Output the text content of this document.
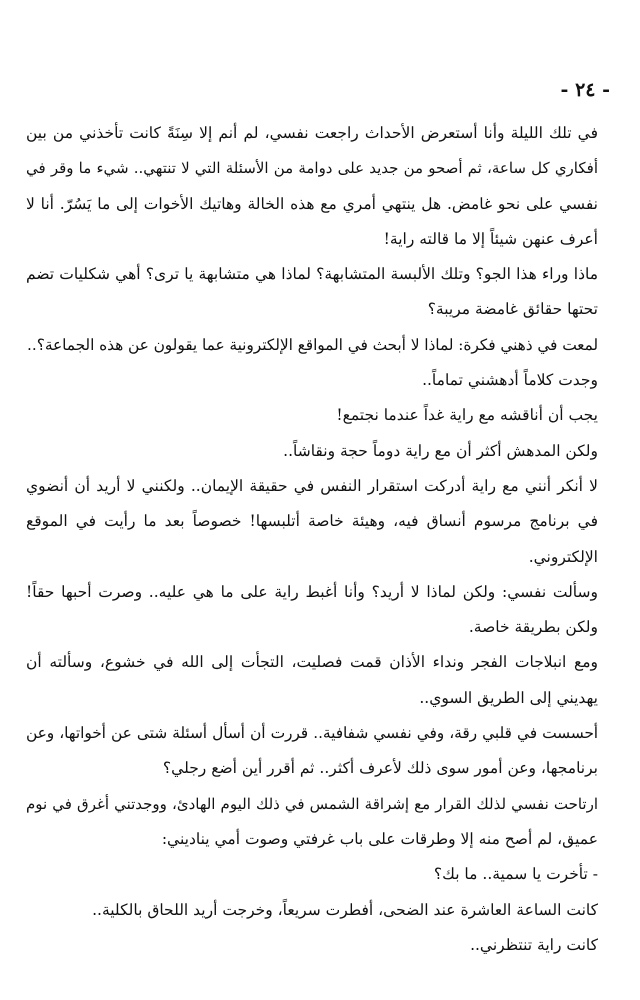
- ٢٤ -

في تلك الليلة وأنا أستعرض الأحداث راجعت نفسي، لم أنم إلا سِنَةً كانت تأخذني من بين
أفكاري كل ساعة، ثم أصحو من جديد على دوامة من الأسئلة التي لا تنتهي.. شيء ما وقر في
نفسي على نحو غامض. هل ينتهي أمري مع هذه الخالة وهاتيك الأخوات إلى ما يَسُرّ. أنا لا
أعرف عنهن شيئاً إلا ما قالته راية!

ماذا وراء هذا الجو؟ وتلك الألبسة المتشابهة؟ لماذا هي متشابهة يا ترى؟ أهي شكليات تضم
تحتها حقائق غامضة مريبة؟

لمعت في ذهني فكرة: لماذا لا أبحث في المواقع الإلكترونية عما يقولون عن هذه الجماعة؟..

وجدت كلاماً أدهشني تماماً..

يجب أن أناقشه مع راية غداً عندما نجتمع!

ولكن المدهش أكثر أن مع راية دوماً حجة ونقاشاً..

لا أنكر أنني مع راية أدركت استقرار النفس في حقيقة الإيمان.. ولكنني لا أريد أن أنضوي
في برنامج مرسوم أنساق فيه، وهيئة خاصة أتلبسها! خصوصاً بعد ما رأيت في الموقع
الإلكتروني.

وسألت نفسي: ولكن لماذا لا أريد؟ وأنا أغبط راية على ما هي عليه.. وصرت أحبها حقاً!
ولكن بطريقة خاصة.

ومع انبلاجات الفجر ونداء الأذان قمت فصليت، التجأت إلى الله في خشوع، وسألته أن
يهديني إلى الطريق السوي..

أحسست في قلبي رقة، وفي نفسي شفافية.. قررت أن أسأل أسئلة شتى عن أخواتها، وعن
برنامجها، وعن أمور سوى ذلك لأعرف أكثر.. ثم أقرر أين أضع رجلي؟

ارتاحت نفسي لذلك القرار مع إشراقة الشمس في ذلك اليوم الهادئ، ووجدتني أغرق في نوم
عميق، لم أصح منه إلا وطرقات على باب غرفتي وصوت أمي يناديني:

- تأخرت يا سمية.. ما بك؟

كانت الساعة العاشرة عند الضحى، أفطرت سريعاً، وخرجت أريد اللحاق بالكلية..

كانت راية تنتظرني..
